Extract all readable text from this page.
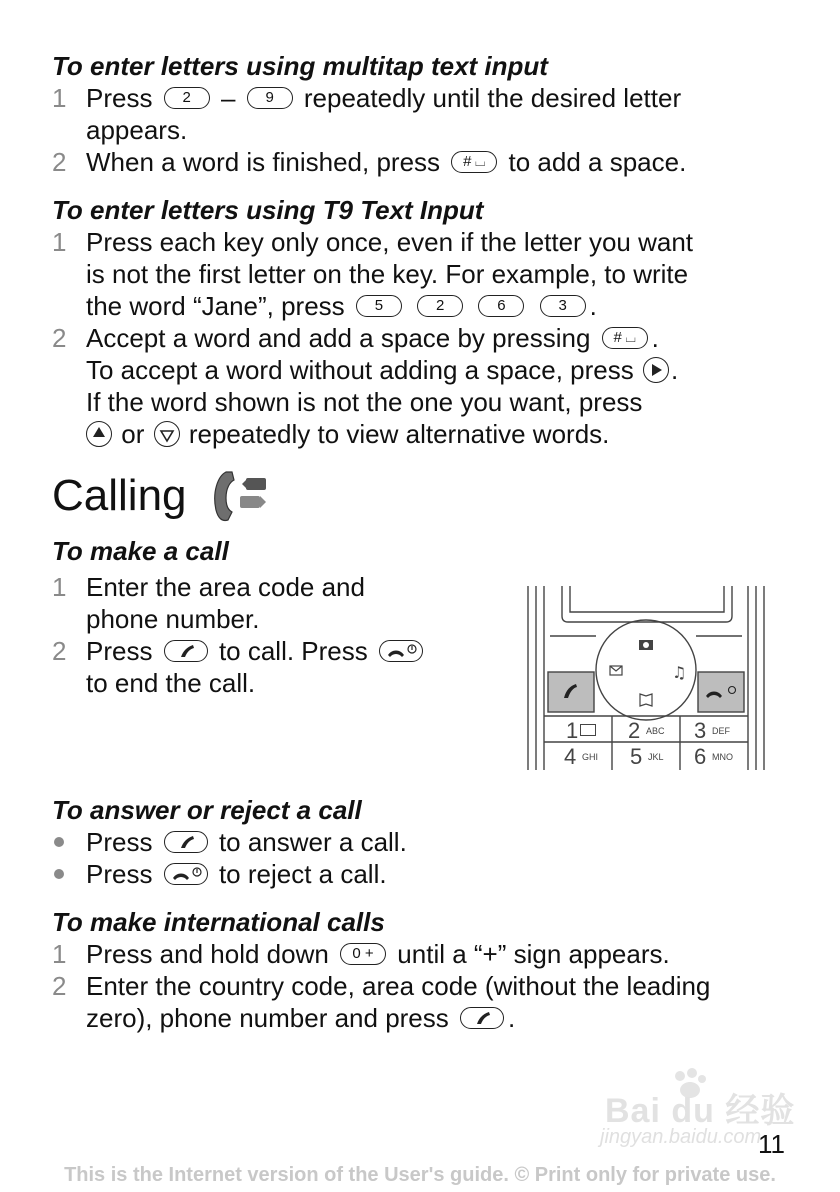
To enter letters using multitap text input
1 Press 2 – 9 repeatedly until the desired letter
appears.
2 When a word is finished, press # ⌴ to add a space.
To enter letters using T9 Text Input
1 Press each key only once, even if the letter you want
is not the first letter on the key. For example, to write
the word “Jane”, press 5	2	6	3 .
2 Accept a word and add a space by pressing # ⌴ .
To accept a word without adding a space, press .
If the word shown is not the one you want, press
or repeatedly to view alternative words.
Calling
To make a call
1 Enter the area code and
phone number.
2 Press	to call. Press
to end the call.	♫
1 2 ABC 3 DEF
4 GHI 5 JKL 6 MNO
To answer or reject a call
Press	to answer a call.
Press	to reject a call.
To make international calls
1 Press and hold down 0 + until a “+” sign appears.
2 Enter the country code, area code (without the leading
zero), phone number and press .
Bai du 经验
jingyan.baidu.com
11
This is the Internet version of the User's guide. © Print only for private use.
